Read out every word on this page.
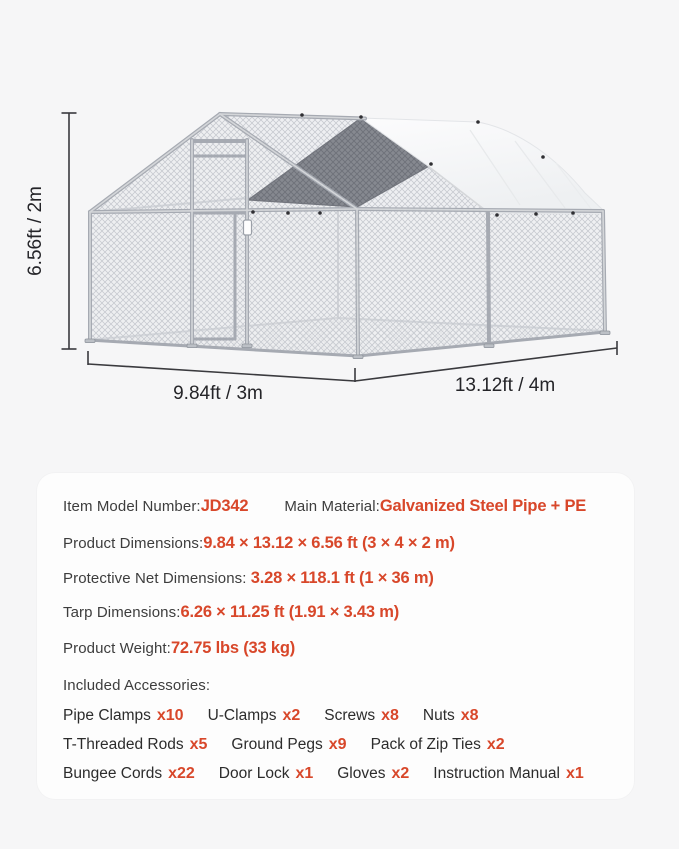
6.56ft / 2m
9.84ft / 3m	13.12ft / 4m

Item Model Number:JD342 Main Material:Galvanized Steel Pipe + PE

Product Dimensions:9.84 × 13.12 × 6.56 ft (3 × 4 × 2 m)

Protective Net Dimensions: 3.28 × 118.1 ft (1 × 36 m)

Tarp Dimensions:6.26 × 11.25 ft (1.91 × 3.43 m)

Product Weight:72.75 lbs (33 kg)

Included Accessories:

Pipe Clamps x10 U-Clamps x2 Screws x8 Nuts x8
T-Threaded Rods x5 Ground Pegs x9 Pack of Zip Ties x2
Bungee Cords x22 Door Lock x1 Gloves x2 Instruction Manual x1
